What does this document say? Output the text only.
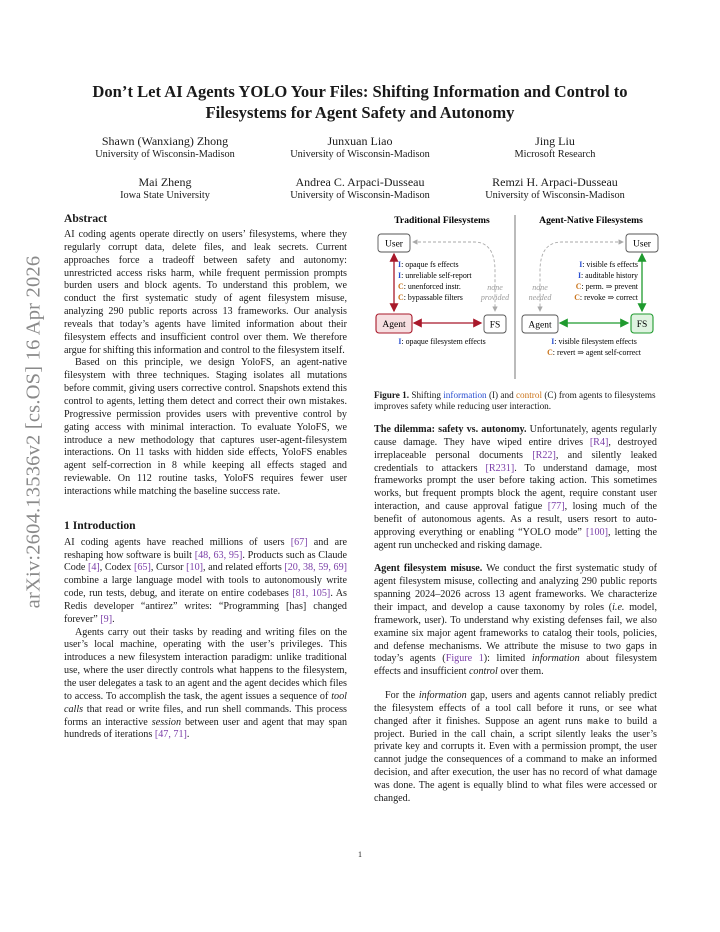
arXiv:2604.13536v2 [cs.OS] 16 Apr 2026
Don’t Let AI Agents YOLO Your Files: Shifting Information and Control to Filesystems for Agent Safety and Autonomy
Shawn (Wanxiang) Zhong
University of Wisconsin-Madison
Junxuan Liao
University of Wisconsin-Madison
Jing Liu
Microsoft Research
Mai Zheng
Iowa State University
Andrea C. Arpaci-Dusseau
University of Wisconsin-Madison
Remzi H. Arpaci-Dusseau
University of Wisconsin-Madison
Abstract

AI coding agents operate directly on users’ filesystems, where they regularly corrupt data, delete files, and leak secrets. Current approaches force a tradeoff between safety and autonomy: unrestricted access risks harm, while frequent permission prompts burden users and block agents. To understand this problem, we conduct the first systematic study of agent filesystem misuse, analyzing 290 public reports across 13 frameworks. Our analysis reveals that today’s agents have limited information about their filesystem effects and insufficient control over them. We therefore argue for shifting this information and control to the filesystem itself.

Based on this principle, we design YoloFS, an agent-native filesystem with three techniques. Staging isolates all mutations before commit, giving users corrective control. Snapshots extend this control to agents, letting them detect and correct their own mistakes. Progressive permission provides users with preventive control by gating access with minimal interaction. To evaluate YoloFS, we introduce a new methodology that captures user-agent-filesystem interactions. On 11 tasks with hidden side effects, YoloFS enables agent self-correction in 8 while keeping all effects staged and reviewable. On 112 routine tasks, YoloFS requires fewer user interactions while matching the baseline success rate.

1 Introduction

AI coding agents have reached millions of users [67] and are reshaping how software is built [48, 63, 95]. Products such as Claude Code [4], Codex [65], Cursor [10], and related efforts [20, 38, 59, 69] combine a large language model with tools to autonomously write code, run tests, debug, and iterate on entire codebases [81, 105]. As Redis developer “antirez” writes: “Programming [has] changed forever” [9].

Agents carry out their tasks by reading and writing files on the user’s local machine, operating with the user’s privileges. This introduces a new filesystem interaction paradigm: unlike traditional use, where the user directly controls what happens to the filesystem, the user delegates a task to an agent and the agent decides which files to access. To accomplish the task, the agent issues a sequence of tool calls that read or write files, and run shell commands. This process forms an interactive session between user and agent that may span hundreds of iterations [47, 71].

Traditional Filesystems	Agent-Native Filesystems
User
Agent	FS
none
provided
I: opaque fs effects
I: unreliable self-report
C: unenforced instr.
C: bypassable filters
I: opaque filesystem effects
User
Agent	FS
none
needed
I: visible fs effects
I: auditable history
C: perm. ⇒ prevent
C: revoke ⇒ correct
I: visible filesystem effects
C: revert ⇒ agent self-correct

Figure 1. Shifting information (I) and control (C) from agents to filesystems improves safety while reducing user interaction.

The dilemma: safety vs. autonomy. Unfortunately, agents regularly cause damage. They have wiped entire drives [R4], destroyed irreplaceable personal documents [R22], and silently leaked credentials to attackers [R231]. To understand damage, most frameworks prompt the user before taking action. This sometimes works, but frequent prompts block the agent, require constant user interaction, and cause approval fatigue [77], losing much of the benefit of autonomous agents. As a result, users resort to auto-approving everything or enabling “YOLO mode” [100], letting the agent run unchecked and risking damage.

Agent filesystem misuse. We conduct the first systematic study of agent filesystem misuse, collecting and analyzing 290 public reports spanning 2024–2026 across 13 agent frameworks. We characterize their impact, and develop a cause taxonomy by roles (i.e. model, framework, user). To understand why existing defenses fail, we also examine six major agent frameworks to catalog their tools, policies, and defense mechanisms. We attribute the misuse to two gaps in today’s agents (Figure 1): limited information about filesystem effects and insufficient control over them.

For the information gap, users and agents cannot reliably predict the filesystem effects of a tool call before it runs, or see what changed after it finishes. Suppose an agent runs make to build a project. Buried in the call chain, a script silently leaks the user’s private key and corrupts it. Even with a permission prompt, the user cannot judge the consequences of a command to make an informed decision, and after execution, the user has no record of what damage was done. The agent is equally blind to what files were accessed or changed.

1
